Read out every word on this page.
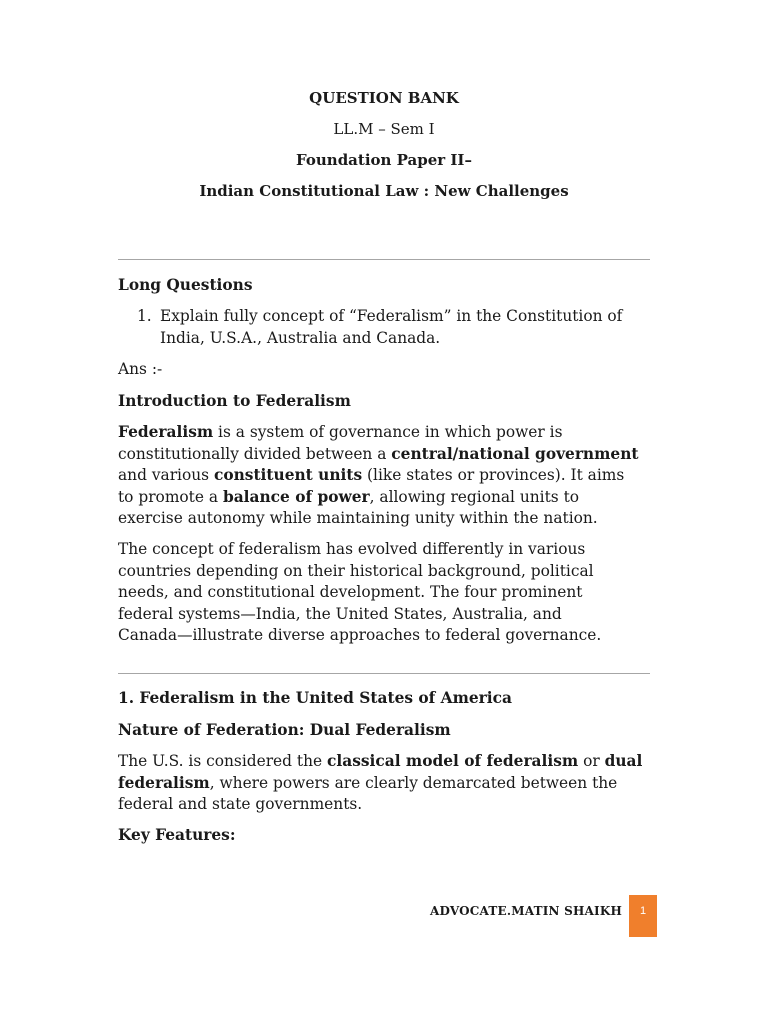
QUESTION BANK
LL.M – Sem I
Foundation Paper II–
Indian Constitutional Law : New Challenges
Long Questions
1. Explain fully concept of “Federalism” in the Constitution of
India, U.S.A., Australia and Canada.
Ans :-
Introduction to Federalism
Federalism is a system of governance in which power is
constitutionally divided between a central/national government
and various constituent units (like states or provinces). It aims
to promote a balance of power, allowing regional units to
exercise autonomy while maintaining unity within the nation.
The concept of federalism has evolved differently in various
countries depending on their historical background, political
needs, and constitutional development. The four prominent
federal systems—India, the United States, Australia, and
Canada—illustrate diverse approaches to federal governance.
1. Federalism in the United States of America
Nature of Federation: Dual Federalism
The U.S. is considered the classical model of federalism or dual
federalism, where powers are clearly demarcated between the
federal and state governments.
Key Features:
ADVOCATE.MATIN SHAIKH	1
